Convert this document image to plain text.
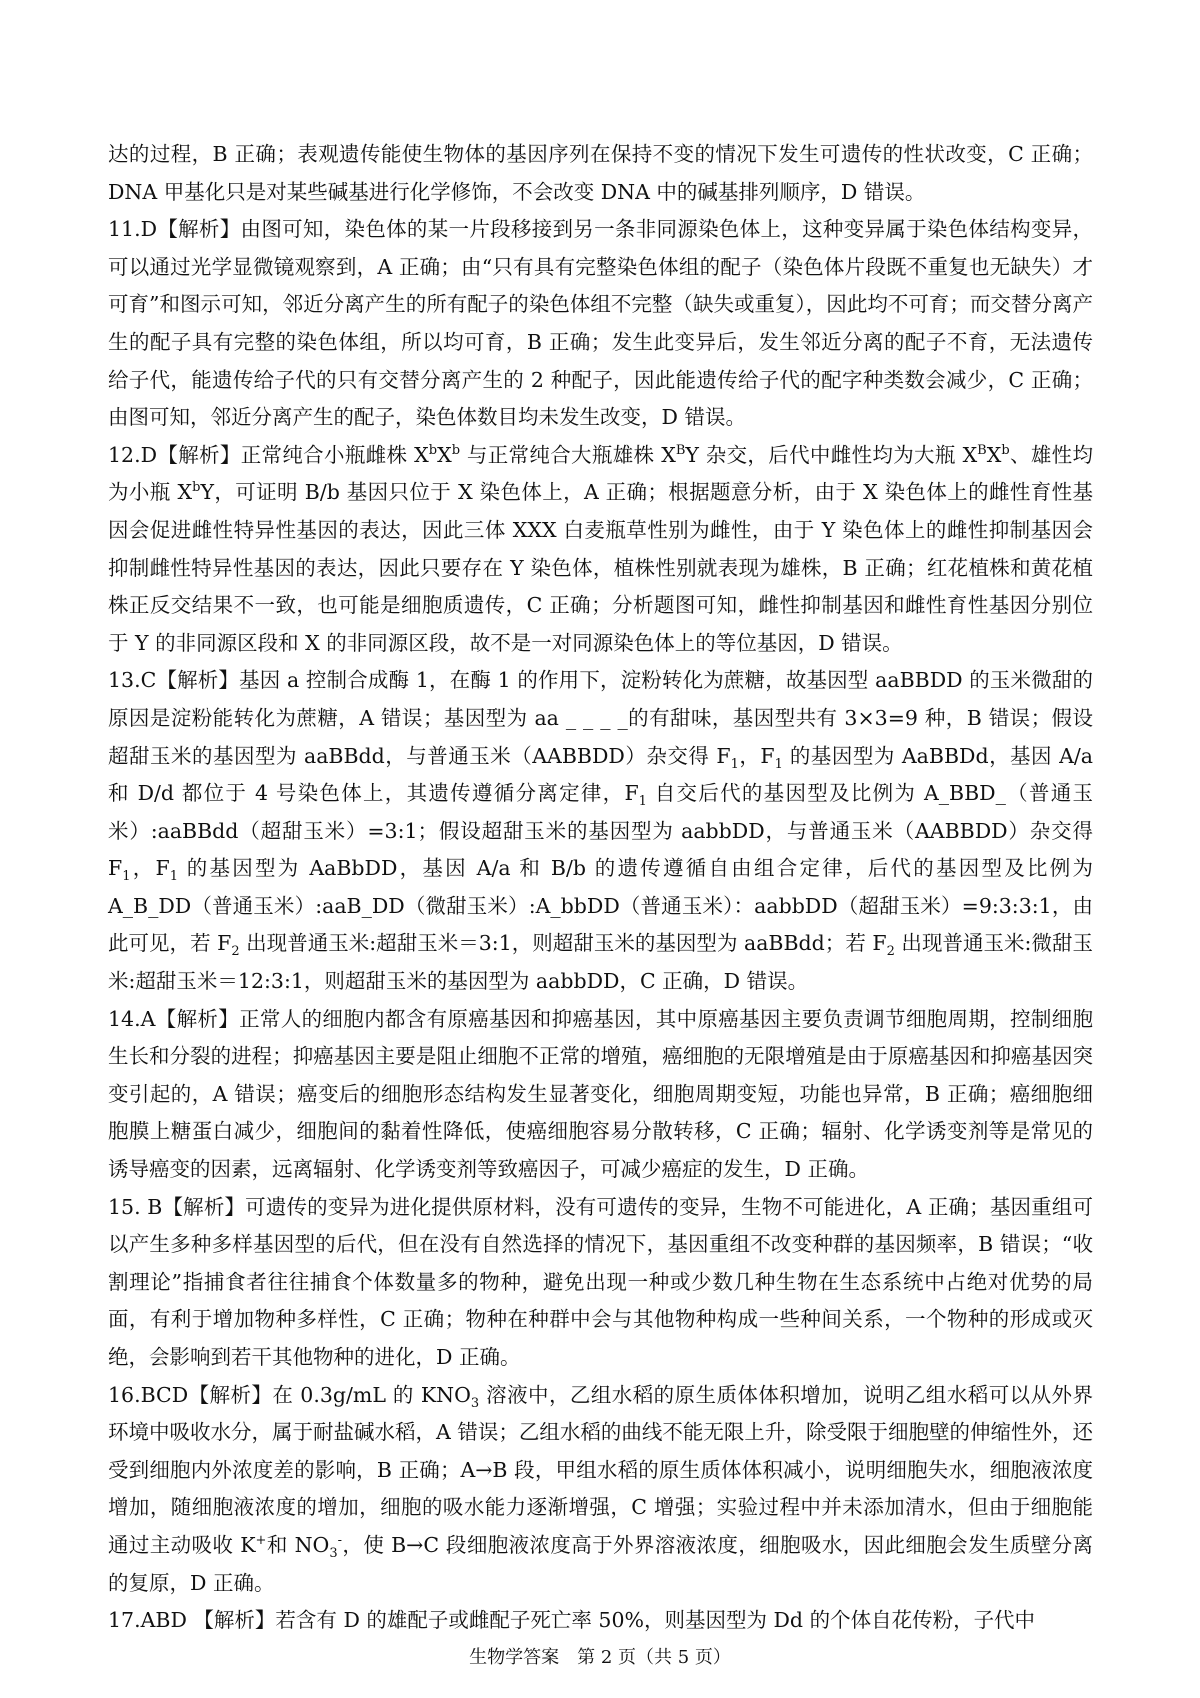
达的过程，B 正确；表观遗传能使生物体的基因序列在保持不变的情况下发生可遗传的性状改变，C 正确；DNA 甲基化只是对某些碱基进行化学修饰，不会改变 DNA 中的碱基排列顺序，D 错误。

11.D【解析】由图可知，染色体的某一片段移接到另一条非同源染色体上，这种变异属于染色体结构变异，可以通过光学显微镜观察到，A 正确；由“只有具有完整染色体组的配子（染色体片段既不重复也无缺失）才可育”和图示可知，邻近分离产生的所有配子的染色体组不完整（缺失或重复），因此均不可育；而交替分离产生的配子具有完整的染色体组，所以均可育，B 正确；发生此变异后，发生邻近分离的配子不育，无法遗传给子代，能遗传给子代的只有交替分离产生的 2 种配子，因此能遗传给子代的配字种类数会减少，C 正确；由图可知，邻近分离产生的配子，染色体数目均未发生改变，D 错误。

12.D【解析】正常纯合小瓶雌株 $X^bX^b$ 与正常纯合大瓶雄株 $X^BY$ 杂交，后代中雌性均为大瓶 $X^BX^b$、雄性均为小瓶 $X^bY$，可证明 B/b 基因只位于 X 染色体上，A 正确；根据题意分析，由于 X 染色体上的雌性育性基因会促进雌性特异性基因的表达，因此三体 XXX 白麦瓶草性别为雌性，由于 Y 染色体上的雌性抑制基因会抑制雌性特异性基因的表达，因此只要存在 Y 染色体，植株性别就表现为雄株，B 正确；红花植株和黄花植株正反交结果不一致，也可能是细胞质遗传，C 正确；分析题图可知，雌性抑制基因和雌性育性基因分别位于 Y 的非同源区段和 X 的非同源区段，故不是一对同源染色体上的等位基因，D 错误。

13.C【解析】基因 a 控制合成酶 1，在酶 1 的作用下，淀粉转化为蔗糖，故基因型 aaBBDD 的玉米微甜的原因是淀粉能转化为蔗糖，A 错误；基因型为 aa _ _ _ _的有甜味，基因型共有 3×3=9 种，B 错误；假设超甜玉米的基因型为 aaBBdd，与普通玉米（AABBDD）杂交得 $F_1$，$F_1$ 的基因型为 AaBBDd，基因 A/a 和 D/d 都位于 4 号染色体上，其遗传遵循分离定律，$F_1$ 自交后代的基因型及比例为 A_BBD_（普通玉米）:aaBBdd（超甜玉米）=3:1；假设超甜玉米的基因型为 aabbDD，与普通玉米（AABBDD）杂交得 $F_1$，$F_1$ 的基因型为 AaBbDD，基因 A/a 和 B/b 的遗传遵循自由组合定律，后代的基因型及比例为 A_B_DD（普通玉米）:aaB_DD（微甜玉米）:A_bbDD（普通玉米）：aabbDD（超甜玉米）=9:3:3:1，由此可见，若 $F_2$ 出现普通玉米:超甜玉米＝3:1，则超甜玉米的基因型为 aaBBdd；若 $F_2$ 出现普通玉米:微甜玉米:超甜玉米＝12:3:1，则超甜玉米的基因型为 aabbDD，C 正确，D 错误。

14.A【解析】正常人的细胞内都含有原癌基因和抑癌基因，其中原癌基因主要负责调节细胞周期，控制细胞生长和分裂的进程；抑癌基因主要是阻止细胞不正常的增殖，癌细胞的无限增殖是由于原癌基因和抑癌基因突变引起的，A 错误；癌变后的细胞形态结构发生显著变化，细胞周期变短，功能也异常，B 正确；癌细胞细胞膜上糖蛋白减少，细胞间的黏着性降低，使癌细胞容易分散转移，C 正确；辐射、化学诱变剂等是常见的诱导癌变的因素，远离辐射、化学诱变剂等致癌因子，可减少癌症的发生，D 正确。

15. B【解析】可遗传的变异为进化提供原材料，没有可遗传的变异，生物不可能进化，A 正确；基因重组可以产生多种多样基因型的后代，但在没有自然选择的情况下，基因重组不改变种群的基因频率，B 错误；“收割理论”指捕食者往往捕食个体数量多的物种，避免出现一种或少数几种生物在生态系统中占绝对优势的局面，有利于增加物种多样性，C 正确；物种在种群中会与其他物种构成一些种间关系，一个物种的形成或灭绝，会影响到若干其他物种的进化，D 正确。

16.BCD【解析】在 0.3g/mL 的 $KNO_3$ 溶液中，乙组水稻的原生质体体积增加，说明乙组水稻可以从外界环境中吸收水分，属于耐盐碱水稻，A 错误；乙组水稻的曲线不能无限上升，除受限于细胞壁的伸缩性外，还受到细胞内外浓度差的影响，B 正确；A→B 段，甲组水稻的原生质体体积减小，说明细胞失水，细胞液浓度增加，随细胞液浓度的增加，细胞的吸水能力逐渐增强，C 增强；实验过程中并未添加清水，但由于细胞能通过主动吸收 K+和 $NO_3^-$，使 B→C 段细胞液浓度高于外界溶液浓度，细胞吸水，因此细胞会发生质壁分离的复原，D 正确。

17.ABD 【解析】若含有 D 的雄配子或雌配子死亡率 50%，则基因型为 Dd 的个体自花传粉，子代中

生物学答案　第 2 页（共 5 页）
